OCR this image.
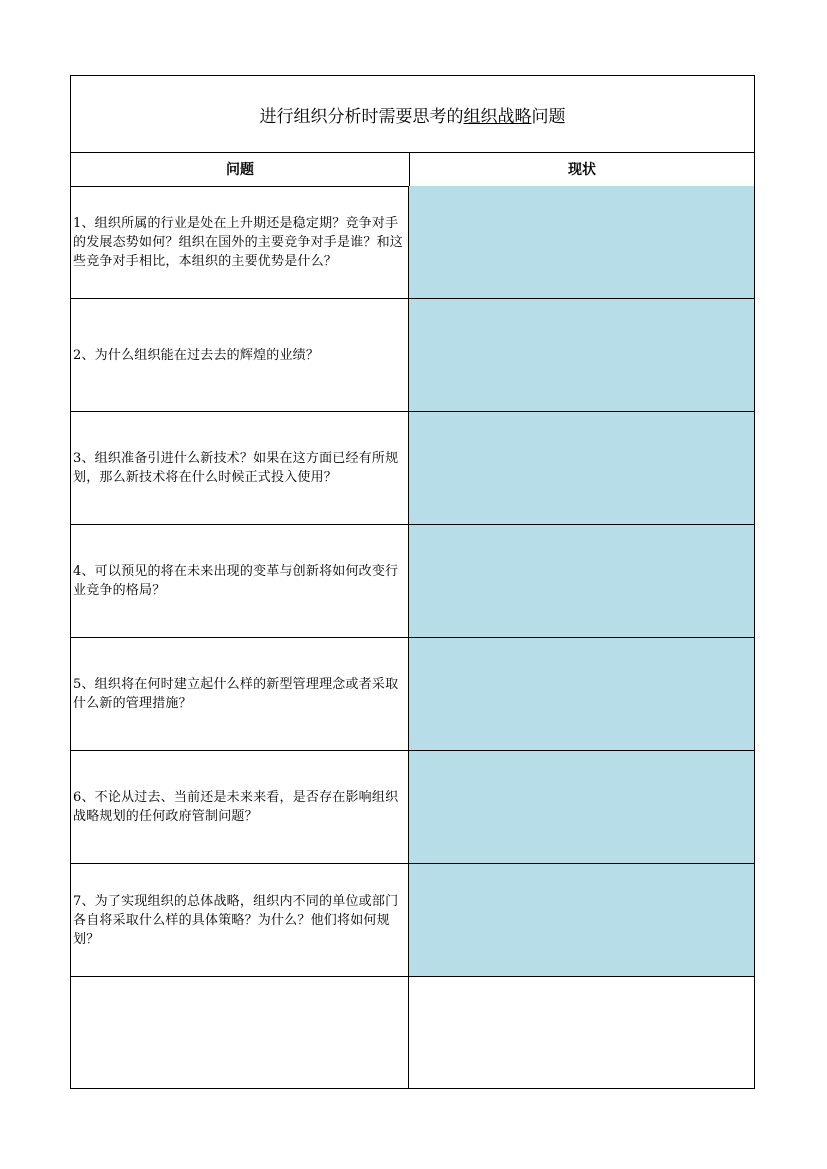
进行组织分析时需要思考的 组织战略 问题
问题	现状
1、组织所属的行业是处在上升期还是稳定期？竞争对手的发展态势如何？组织在国外的主要竞争对手是谁？和这些竞争对手相比，本组织的主要优势是什么？
2、为什么组织能在过去去的辉煌的业绩？
3、组织准备引进什么新技术？如果在这方面已经有所规划，那么新技术将在什么时候正式投入使用？
4、可以预见的将在未来出现的变革与创新将如何改变行业竞争的格局？
5、组织将在何时建立起什么样的新型管理理念或者采取什么新的管理措施？
6、不论从过去、当前还是未来来看，是否存在影响组织战略规划的任何政府管制问题？
7、为了实现组织的总体战略，组织内不同的单位或部门各自将采取什么样的具体策略？为什么？他们将如何规划？
